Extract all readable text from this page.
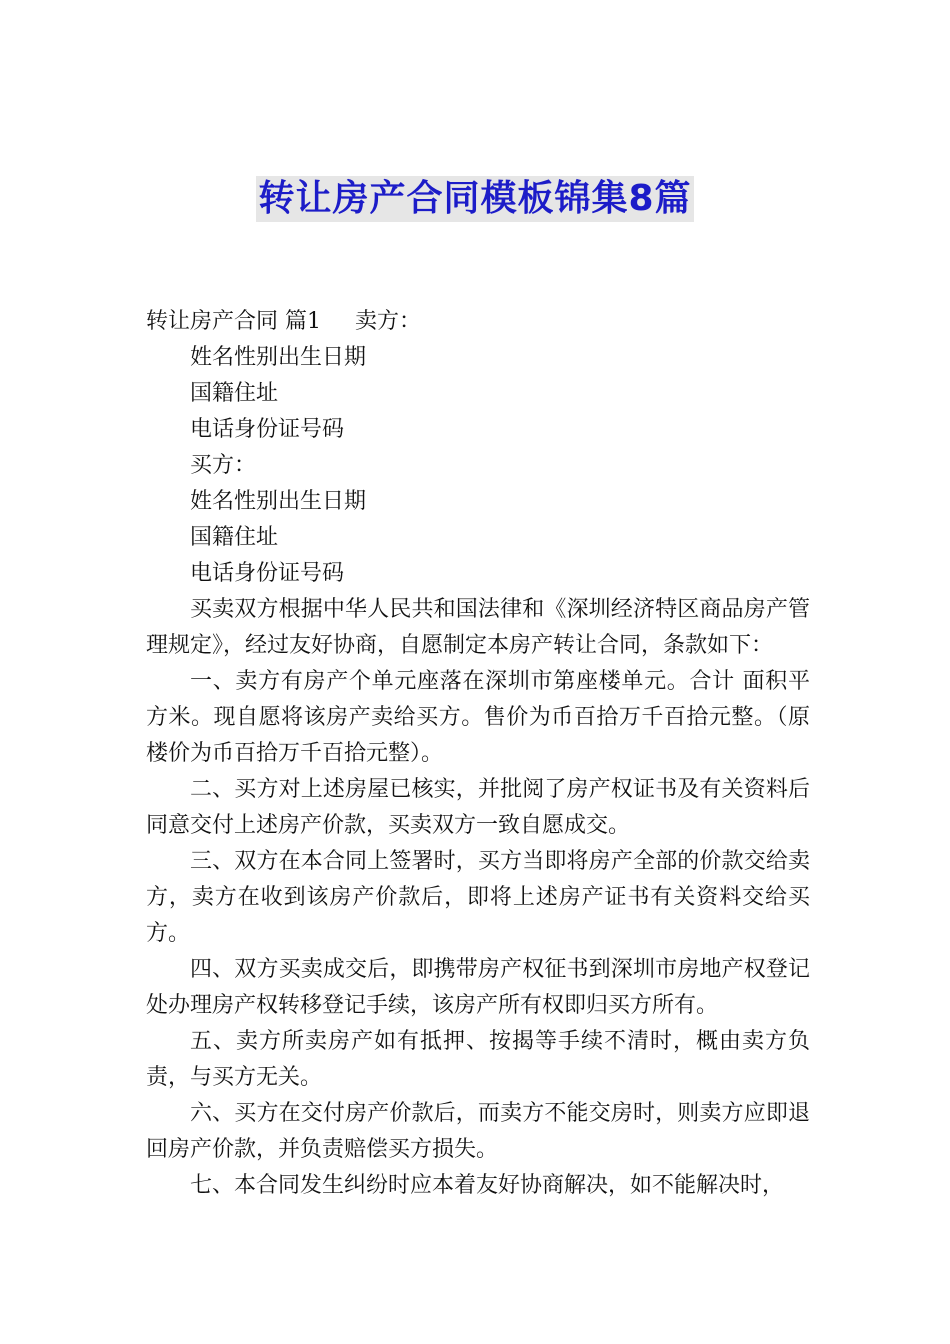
转让房产合同模板锦集8篇
转让房产合同 篇1 卖方：
姓名性别出生日期
国籍住址
电话身份证号码
买方：
姓名性别出生日期
国籍住址
电话身份证号码
买卖双方根据中华人民共和国法律和《深圳经济特区商品房产管理规定》，经过友好协商，自愿制定本房产转让合同，条款如下：
一、卖方有房产个单元座落在深圳市第座楼单元。合计 面积平方米。现自愿将该房产卖给买方。售价为币百拾万千百拾元整。（原楼价为币百拾万千百拾元整）。
二、买方对上述房屋已核实，并批阅了房产权证书及有关资料后同意交付上述房产价款，买卖双方一致自愿成交。
三、双方在本合同上签署时，买方当即将房产全部的价款交给卖方，卖方在收到该房产价款后，即将上述房产证书有关资料交给买方。
四、双方买卖成交后，即携带房产权征书到深圳市房地产权登记处办理房产权转移登记手续，该房产所有权即归买方所有。
五、卖方所卖房产如有抵押、按揭等手续不清时，概由卖方负责，与买方无关。
六、买方在交付房产价款后，而卖方不能交房时，则卖方应即退回房产价款，并负责赔偿买方损失。
七、本合同发生纠纷时应本着友好协商解决，如不能解决时，
